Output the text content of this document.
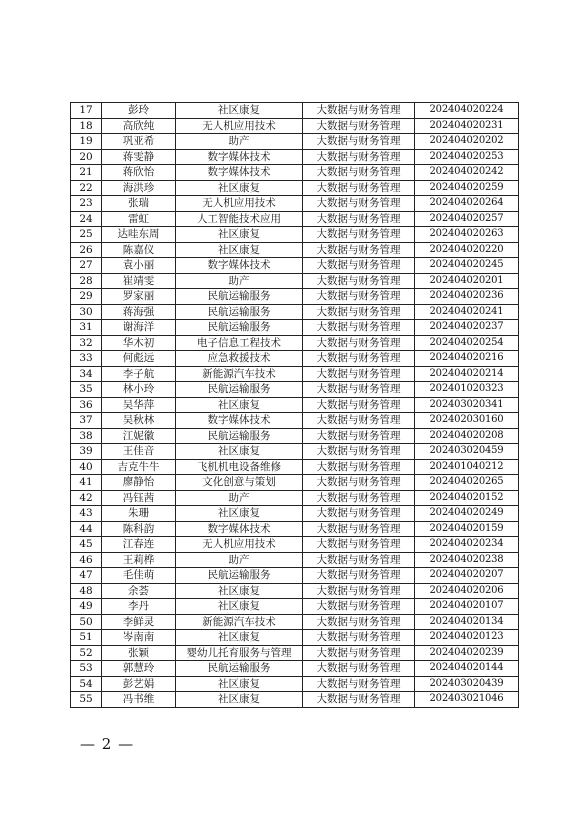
17	彭玲	社区康复	大数据与财务管理	202404020224
18	高欣纯	无人机应用技术	大数据与财务管理	202404020231
19	巩亚希	助产	大数据与财务管理	202404020202
20	蒋雯静	数字媒体技术	大数据与财务管理	202404020253
21	蒋欣怡	数字媒体技术	大数据与财务管理	202404020242
22	海洪珍	社区康复	大数据与财务管理	202404020259
23	张瑞	无人机应用技术	大数据与财务管理	202404020264
24	雷虹	人工智能技术应用	大数据与财务管理	202404020257
25	达哇东周	社区康复	大数据与财务管理	202404020263
26	陈嘉仪	社区康复	大数据与财务管理	202404020220
27	袁小丽	数字媒体技术	大数据与财务管理	202404020245
28	崔靖雯	助产	大数据与财务管理	202404020201
29	罗家丽	民航运输服务	大数据与财务管理	202404020236
30	蒋海强	民航运输服务	大数据与财务管理	202404020241
31	谢海洋	民航运输服务	大数据与财务管理	202404020237
32	华木初	电子信息工程技术	大数据与财务管理	202404020254
33	何彪远	应急救援技术	大数据与财务管理	202404020216
34	李子航	新能源汽车技术	大数据与财务管理	202404020214
35	林小玲	民航运输服务	大数据与财务管理	202401020323
36	吴华萍	社区康复	大数据与财务管理	202403020341
37	吴秋林	数字媒体技术	大数据与财务管理	202402030160
38	江妮徽	民航运输服务	大数据与财务管理	202404020208
39	王佳音	社区康复	大数据与财务管理	202403020459
40	吉克牛牛	飞机机电设备维修	大数据与财务管理	202401040212
41	廖静怡	文化创意与策划	大数据与财务管理	202404020265
42	冯钰茜	助产	大数据与财务管理	202404020152
43	朱珊	社区康复	大数据与财务管理	202404020249
44	陈科韵	数字媒体技术	大数据与财务管理	202404020159
45	江春连	无人机应用技术	大数据与财务管理	202404020234
46	王莉桦	助产	大数据与财务管理	202404020238
47	毛佳萌	民航运输服务	大数据与财务管理	202404020207
48	余荟	社区康复	大数据与财务管理	202404020206
49	李丹	社区康复	大数据与财务管理	202404020107
50	李鲜灵	新能源汽车技术	大数据与财务管理	202404020134
51	岑南南	社区康复	大数据与财务管理	202404020123
52	张颖	婴幼儿托育服务与管理	大数据与财务管理	202404020239
53	郭慧玲	民航运输服务	大数据与财务管理	202404020144
54	彭艺娟	社区康复	大数据与财务管理	202403020439
55	冯书维	社区康复	大数据与财务管理	202403021046
— 2 —
